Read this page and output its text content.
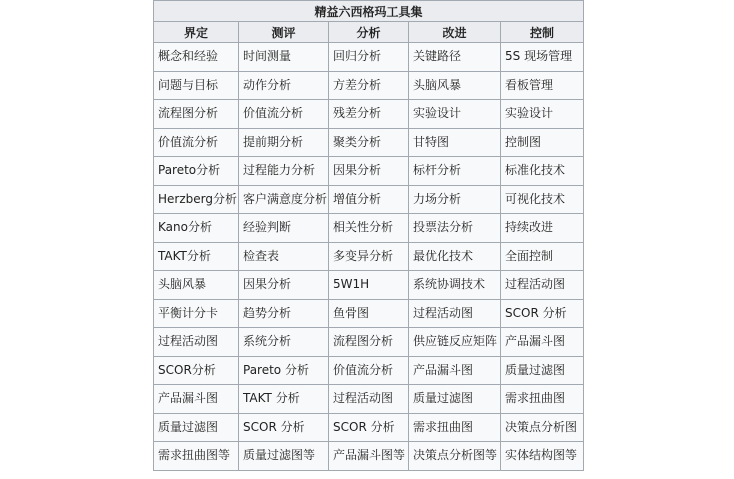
精益六西格玛工具集				
界定	测评	分析	改进	控制
概念和经验	时间测量	回归分析	关键路径	5S 现场管理
问题与目标	动作分析	方差分析	头脑风暴	看板管理
流程图分析	价值流分析	残差分析	实验设计	实验设计
价值流分析	提前期分析	聚类分析	甘特图	控制图
Pareto分析	过程能力分析	因果分析	标杆分析	标准化技术
Herzberg分析	客户满意度分析	增值分析	力场分析	可视化技术
Kano分析	经验判断	相关性分析	投票法分析	持续改进
TAKT分析	检查表	多变异分析	最优化技术	全面控制
头脑风暴	因果分析	5W1H	系统协调技术	过程活动图
平衡计分卡	趋势分析	鱼骨图	过程活动图	SCOR 分析
过程活动图	系统分析	流程图分析	供应链反应矩阵	产品漏斗图
SCOR分析	Pareto 分析	价值流分析	产品漏斗图	质量过滤图
产品漏斗图	TAKT 分析	过程活动图	质量过滤图	需求扭曲图
质量过滤图	SCOR 分析	SCOR 分析	需求扭曲图	决策点分析图
需求扭曲图等	质量过滤图等	产品漏斗图等	决策点分析图等	实体结构图等
